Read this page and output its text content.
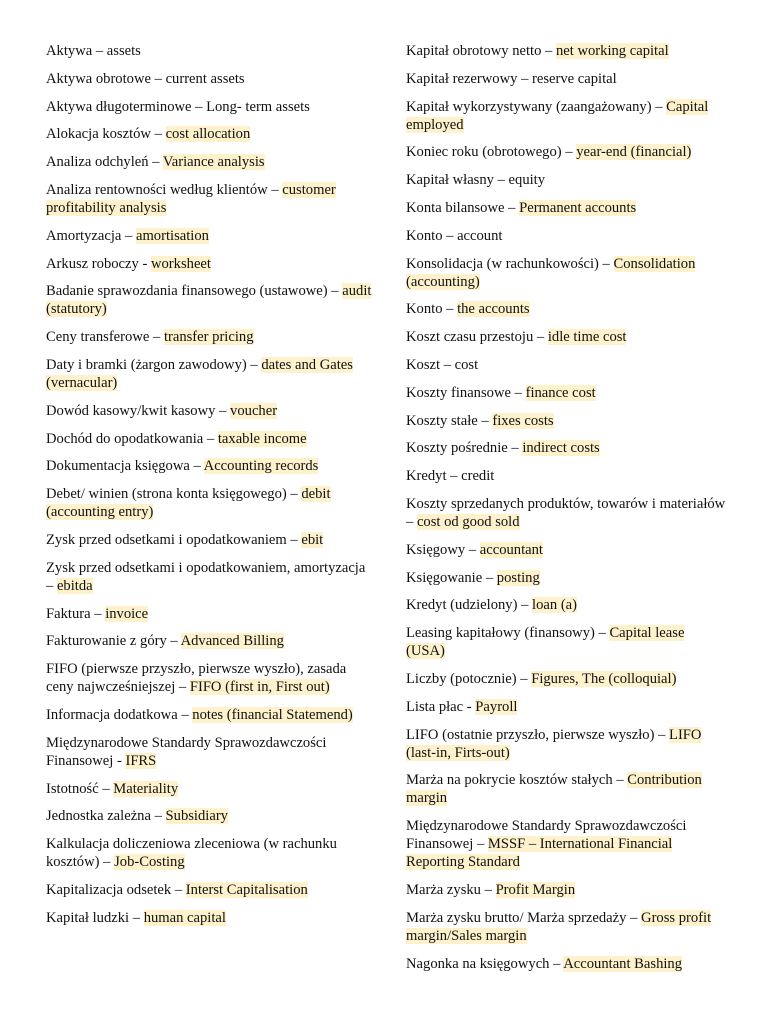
Aktywa – assets

Aktywa obrotowe – current assets

Aktywa długoterminowe – Long- term assets

Alokacja kosztów – cost allocation

Analiza odchyleń – Variance analysis

Analiza rentowności według klientów – customer profitability analysis

Amortyzacja – amortisation

Arkusz roboczy - worksheet

Badanie sprawozdania finansowego (ustawowe) – audit (statutory)

Ceny transferowe – transfer pricing

Daty i bramki (żargon zawodowy) – dates and Gates (vernacular)

Dowód kasowy/kwit kasowy – voucher

Dochód do opodatkowania – taxable income

Dokumentacja księgowa – Accounting records

Debet/ winien (strona konta księgowego) – debit (accounting entry)

Zysk przed odsetkami i opodatkowaniem – ebit

Zysk przed odsetkami i opodatkowaniem, amortyzacja – ebitda

Faktura – invoice

Fakturowanie z góry – Advanced Billing

FIFO (pierwsze przyszło, pierwsze wyszło), zasada ceny najwcześniejszej – FIFO (first in, First out)

Informacja dodatkowa – notes (financial Statemend)

Międzynarodowe Standardy Sprawozdawczości Finansowej - IFRS

Istotność – Materiality

Jednostka zależna – Subsidiary

Kalkulacja doliczeniowa zleceniowa (w rachunku kosztów) – Job-Costing

Kapitalizacja odsetek – Interst Capitalisation

Kapitał ludzki – human capital

Kapitał obrotowy netto – net working capital

Kapitał rezerwowy – reserve capital

Kapitał wykorzystywany (zaangażowany) – Capital employed

Koniec roku (obrotowego) – year-end (financial)

Kapitał własny – equity

Konta bilansowe – Permanent accounts

Konto – account

Konsolidacja (w rachunkowości) – Consolidation (accounting)

Konto – the accounts

Koszt czasu przestoju – idle time cost

Koszt – cost

Koszty finansowe – finance cost

Koszty stałe – fixes costs

Koszty pośrednie – indirect costs

Kredyt – credit

Koszty sprzedanych produktów, towarów i materiałów – cost od good sold

Księgowy – accountant

Księgowanie – posting

Kredyt (udzielony) – loan (a)

Leasing kapitałowy (finansowy) – Capital lease (USA)

Liczby (potocznie) – Figures, The (colloquial)

Lista płac - Payroll

LIFO (ostatnie przyszło, pierwsze wyszło) – LIFO (last-in, Firts-out)

Marża na pokrycie kosztów stałych – Contribution margin

Międzynarodowe Standardy Sprawozdawczości Finansowej – MSSF – International Financial Reporting Standard

Marża zysku – Profit Margin

Marża zysku brutto/ Marża sprzedaży – Gross profit margin/Sales margin

Nagonka na księgowych – Accountant Bashing
